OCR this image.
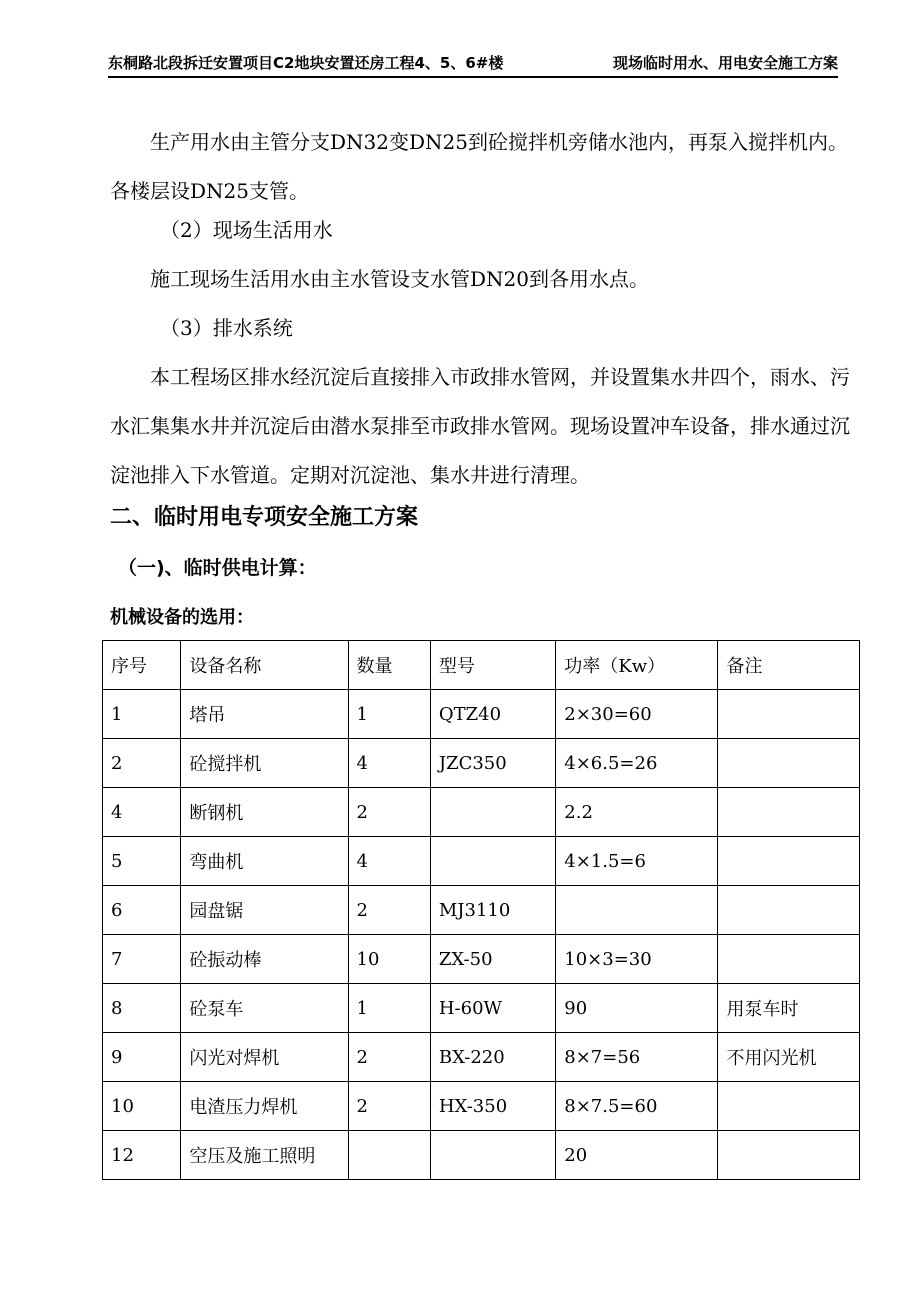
东桐路北段拆迁安置项目C2地块安置还房工程4、5、6#楼	现场临时用水、用电安全施工方案
生产用水由主管分支DN32变DN25到砼搅拌机旁储水池内，再泵入搅拌机内。各楼层设DN25支管。
（2）现场生活用水
施工现场生活用水由主水管设支水管DN20到各用水点。
（3）排水系统
本工程场区排水经沉淀后直接排入市政排水管网，并设置集水井四个，雨水、污水汇集集水井并沉淀后由潜水泵排至市政排水管网。现场设置冲车设备，排水通过沉淀池排入下水管道。定期对沉淀池、集水井进行清理。
二、临时用电专项安全施工方案
（一)、临时供电计算：
机械设备的选用：
序号	设备名称	数量	型号	功率（Kw）	备注
1	塔吊	1	QTZ40	2×30=60	
2	砼搅拌机	4	JZC350	4×6.5=26	
4	断钢机	2		2.2	
5	弯曲机	4		4×1.5=6	
6	园盘锯	2	MJ3110		
7	砼振动棒	10	ZX-50	10×3=30	
8	砼泵车	1	H-60W	90	用泵车时
9	闪光对焊机	2	BX-220	8×7=56	不用闪光机
10	电渣压力焊机	2	HX-350	8×7.5=60	
12	空压及施工照明			20	
